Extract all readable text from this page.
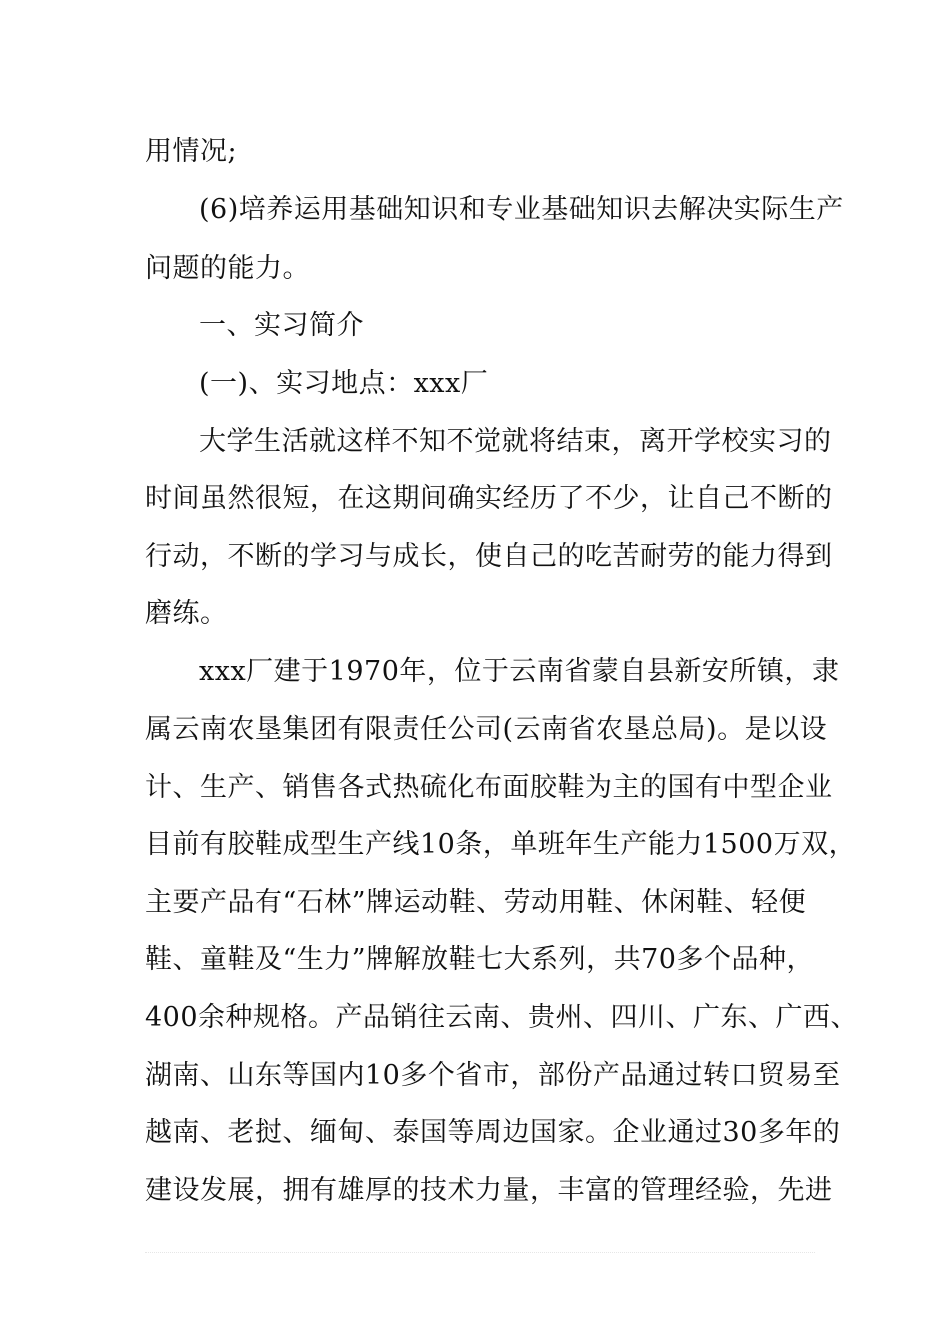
用情况;
(6)培养运用基础知识和专业基础知识去解决实际生产
问题的能力。
一、实习简介
(一)、实习地点：xxx厂
大学生活就这样不知不觉就将结束，离开学校实习的
时间虽然很短，在这期间确实经历了不少，让自己不断的
行动，不断的学习与成长，使自己的吃苦耐劳的能力得到
磨练。
xxx厂建于1970年，位于云南省蒙自县新安所镇，隶
属云南农垦集团有限责任公司(云南省农垦总局)。是以设
计、生产、销售各式热硫化布面胶鞋为主的国有中型企业
目前有胶鞋成型生产线10条，单班年生产能力1500万双，
主要产品有“石林”牌运动鞋、劳动用鞋、休闲鞋、轻便
鞋、童鞋及“生力”牌解放鞋七大系列，共70多个品种，
400余种规格。产品销往云南、贵州、四川、广东、广西、
湖南、山东等国内10多个省市，部份产品通过转口贸易至
越南、老挝、缅甸、泰国等周边国家。企业通过30多年的
建设发展，拥有雄厚的技术力量，丰富的管理经验，先进
